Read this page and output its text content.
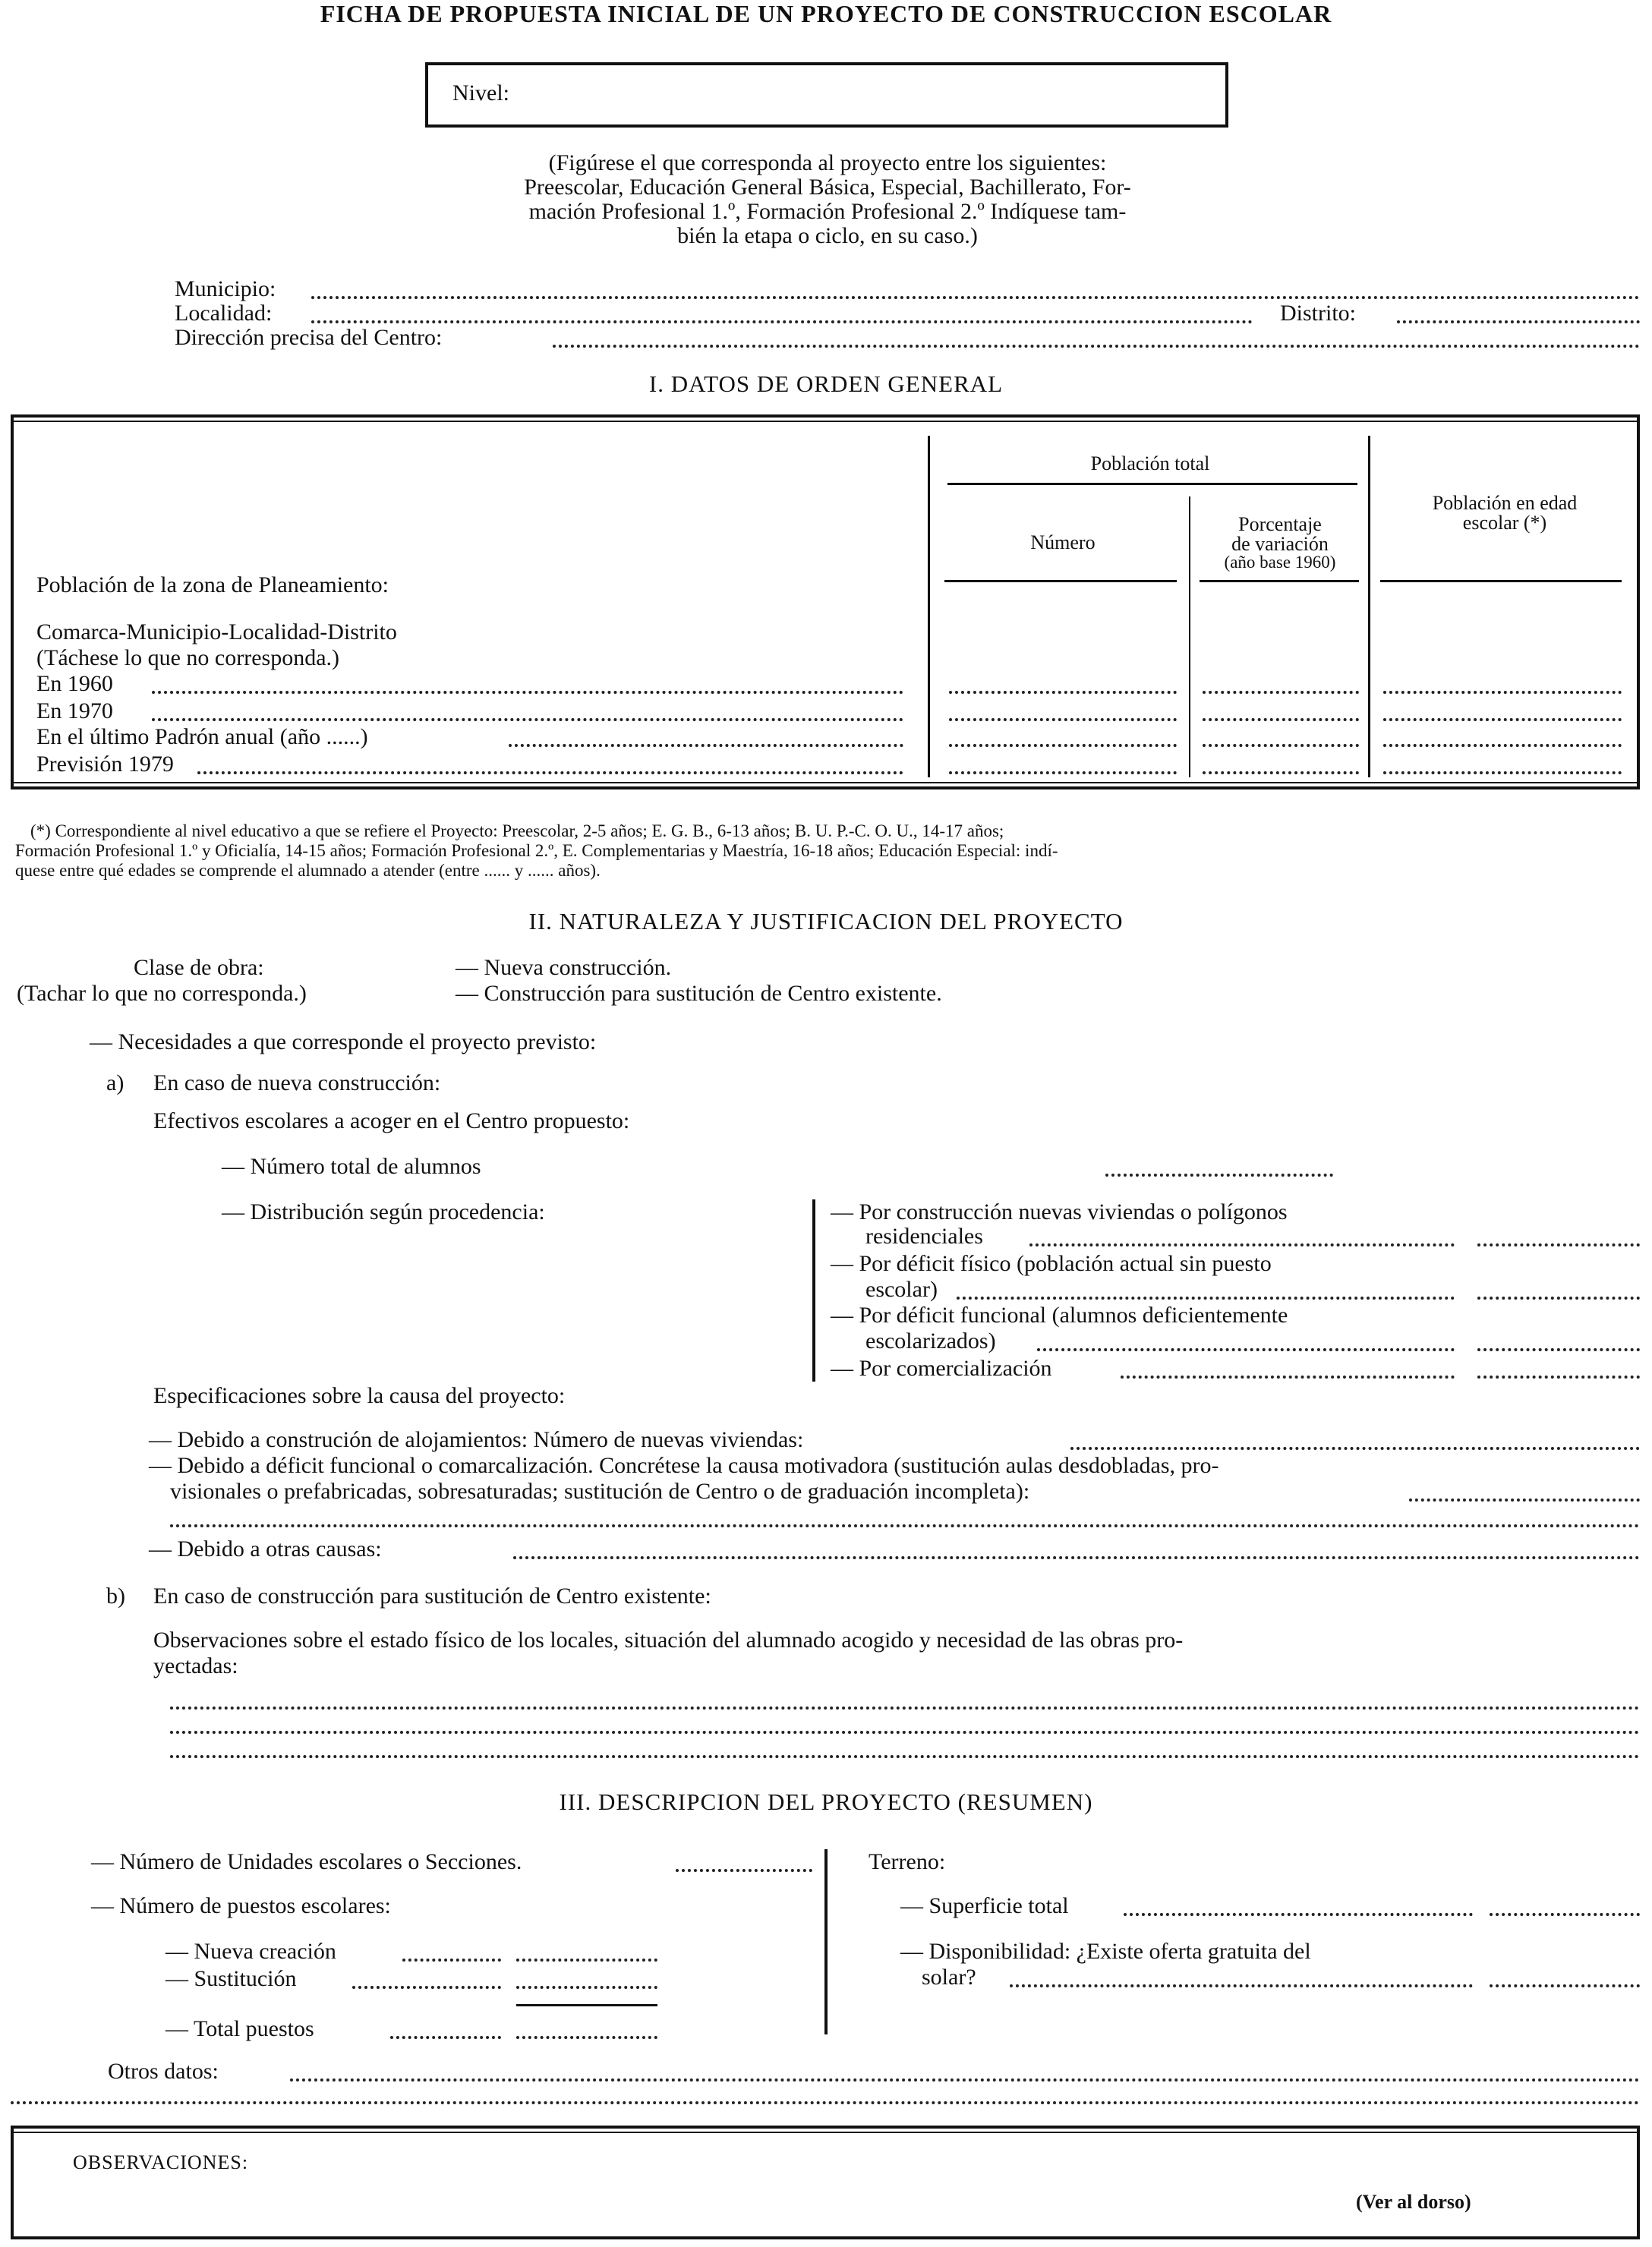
FICHA DE PROPUESTA INICIAL DE UN PROYECTO DE CONSTRUCCION ESCOLAR
Nivel:
(Figúrese el que corresponda al proyecto entre los siguientes:
Preescolar, Educación General Básica, Especial, Bachillerato, For-
mación Profesional 1.º, Formación Profesional 2.º Indíquese tam-
bién la etapa o ciclo, en su caso.)
Municipio:
Localidad:	Distrito:
Dirección precisa del Centro:
I. DATOS DE ORDEN GENERAL
Población total
Número
Porcentaje
de variación
(año base 1960)
Población en edad
escolar (*)
Población de la zona de Planeamiento:
Comarca-Municipio-Localidad-Distrito
(Táchese lo que no corresponda.)
En 1960
En 1970
En el último Padrón anual (año ......)
Previsión 1979
(*) Correspondiente al nivel educativo a que se refiere el Proyecto: Preescolar, 2-5 años; E. G. B., 6-13 años; B. U. P.-C. O. U., 14-17 años;
Formación Profesional 1.º y Oficialía, 14-15 años; Formación Profesional 2.º, E. Complementarias y Maestría, 16-18 años; Educación Especial: indí-
quese entre qué edades se comprende el alumnado a atender (entre ...... y ...... años).
II. NATURALEZA Y JUSTIFICACION DEL PROYECTO
Clase de obra:
(Tachar lo que no corresponda.)
— Nueva construcción.
— Construcción para sustitución de Centro existente.
— Necesidades a que corresponde el proyecto previsto:
a) En caso de nueva construcción:
Efectivos escolares a acoger en el Centro propuesto:
— Número total de alumnos
— Distribución según procedencia:	— Por construcción nuevas viviendas o polígonos
residenciales
— Por déficit físico (población actual sin puesto
escolar)
— Por déficit funcional (alumnos deficientemente
escolarizados)
— Por comercialización
Especificaciones sobre la causa del proyecto:
— Debido a construción de alojamientos: Número de nuevas viviendas:
— Debido a déficit funcional o comarcalización. Concrétese la causa motivadora (sustitución aulas desdobladas, pro-
visionales o prefabricadas, sobresaturadas; sustitución de Centro o de graduación incompleta):
— Debido a otras causas:
b) En caso de construcción para sustitución de Centro existente:
Observaciones sobre el estado físico de los locales, situación del alumnado acogido y necesidad de las obras pro-
yectadas:
III. DESCRIPCION DEL PROYECTO (RESUMEN)
— Número de Unidades escolares o Secciones.
— Número de puestos escolares:
— Nueva creación
— Sustitución
— Total puestos
Terreno:
— Superficie total
— Disponibilidad: ¿Existe oferta gratuita del
solar?
Otros datos:
OBSERVACIONES:
(Ver al dorso)
